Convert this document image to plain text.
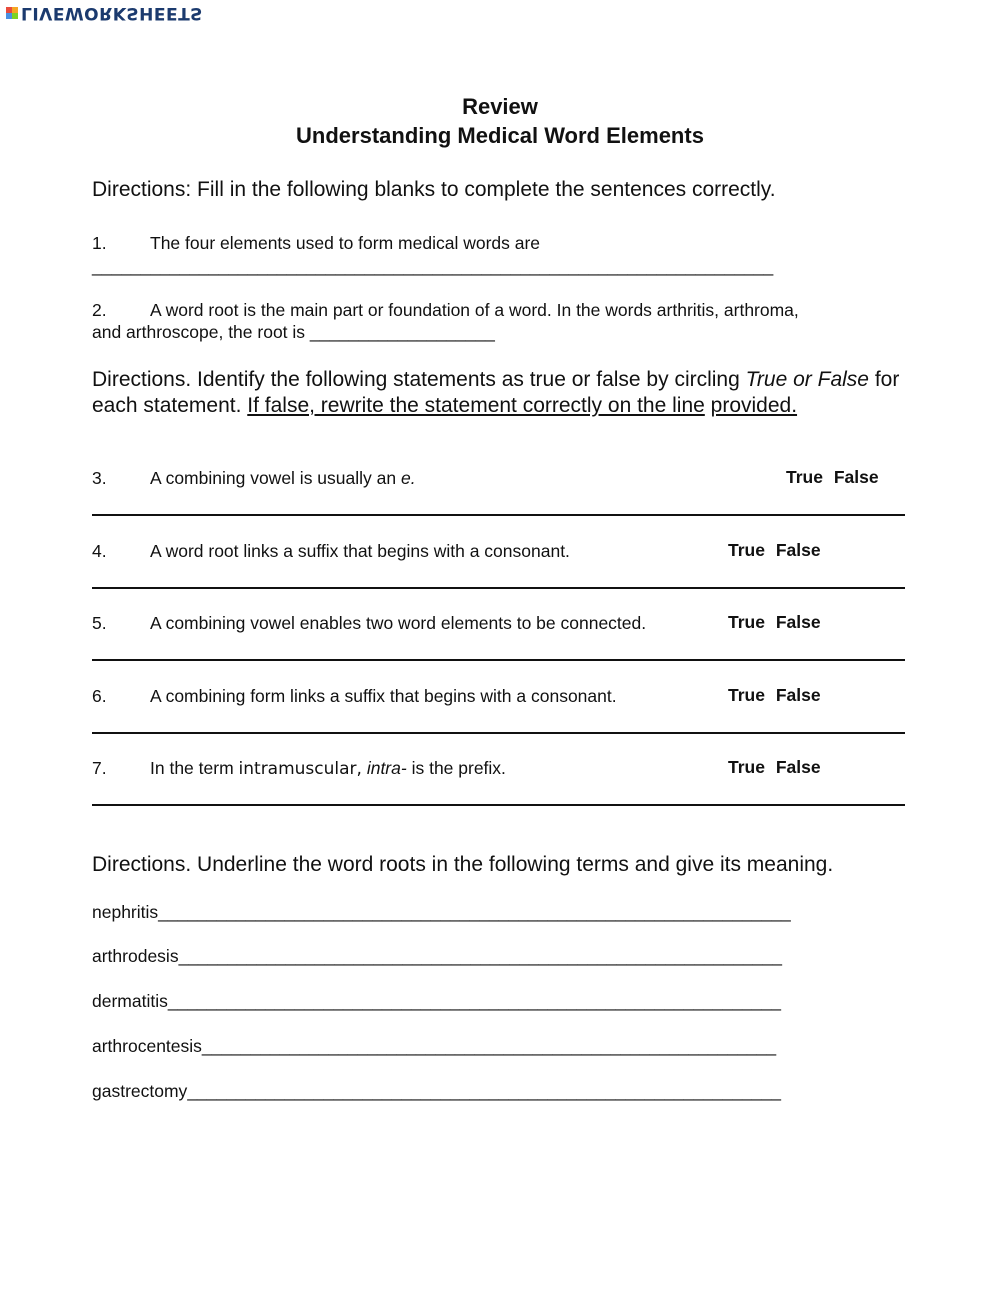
LIVEWORKSHEETS
Review
Understanding Medical Word Elements
Directions: Fill in the following blanks to complete the sentences correctly.
1. The four elements used to form medical words are
______________________________________________________________________
2. A word root is the main part or foundation of a word. In the words arthritis, arthroma,
and arthroscope, the root is ___________________
Directions. Identify the following statements as true or false by circling True or False for each statement. If false, rewrite the statement correctly on the line provided.
3. A combining vowel is usually an e.	True False
4. A word root links a suffix that begins with a consonant.	True False
5. A combining vowel enables two word elements to be connected.	True False
6. A combining form links a suffix that begins with a consonant.	True False
7. In the term intramuscular, intra- is the prefix.	True False
Directions. Underline the word roots in the following terms and give its meaning.
nephritis_________________________________________________________________
arthrodesis______________________________________________________________
dermatitis_______________________________________________________________
arthrocentesis___________________________________________________________
gastrectomy_____________________________________________________________
